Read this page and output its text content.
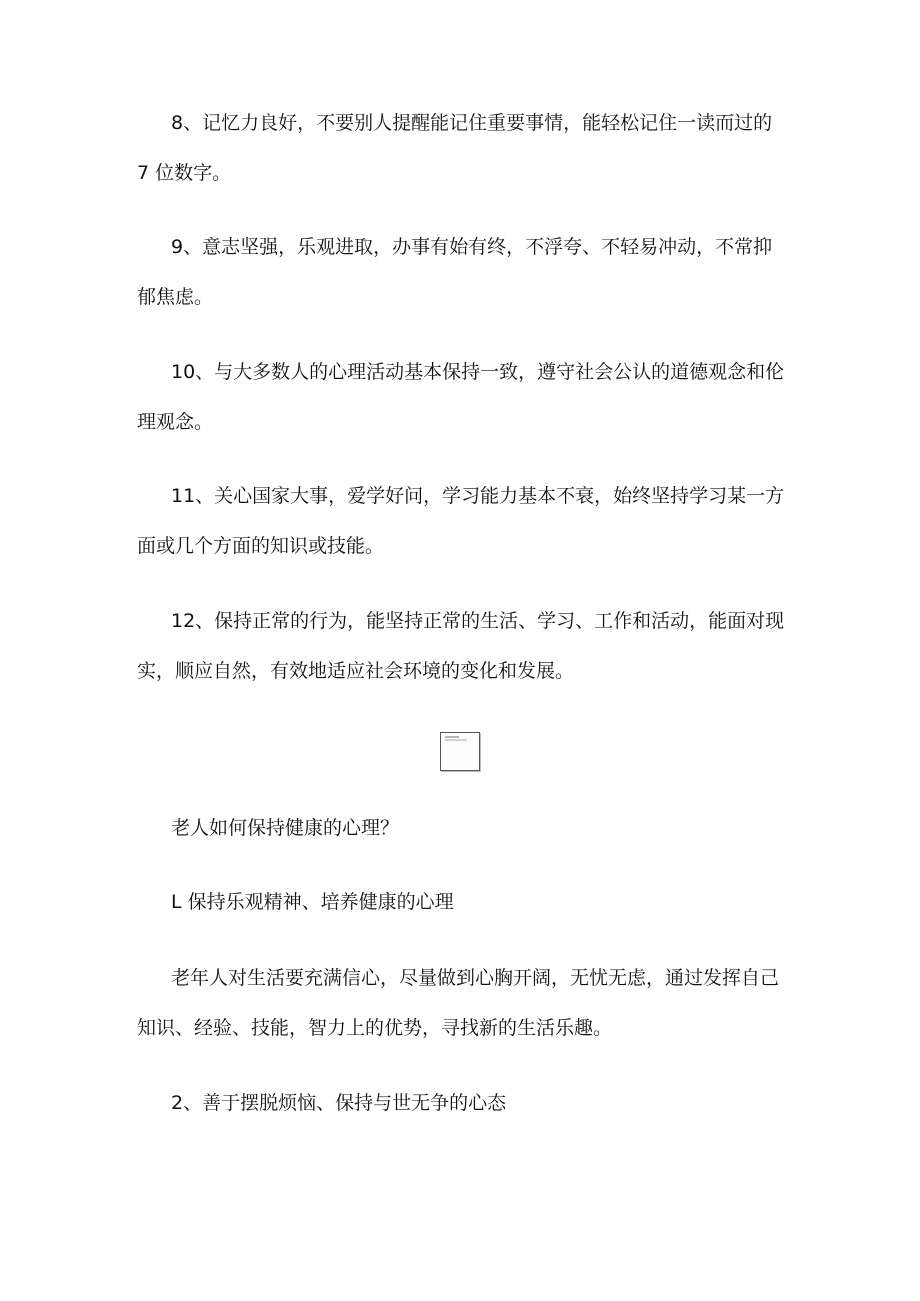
8、记忆力良好，不要别人提醒能记住重要事情，能轻松记住一读而过的 7 位数字。

9、意志坚强，乐观进取，办事有始有终，不浮夸、不轻易冲动，不常抑郁焦虑。

10、与大多数人的心理活动基本保持一致，遵守社会公认的道德观念和伦理观念。

11、关心国家大事，爱学好问，学习能力基本不衰，始终坚持学习某一方面或几个方面的知识或技能。

12、保持正常的行为，能坚持正常的生活、学习、工作和活动，能面对现实，顺应自然，有效地适应社会环境的变化和发展。

老人如何保持健康的心理？

L 保持乐观精神、培养健康的心理

老年人对生活要充满信心，尽量做到心胸开阔，无忧无虑，通过发挥自己知识、经验、技能，智力上的优势，寻找新的生活乐趣。

2、善于摆脱烦恼、保持与世无争的心态
